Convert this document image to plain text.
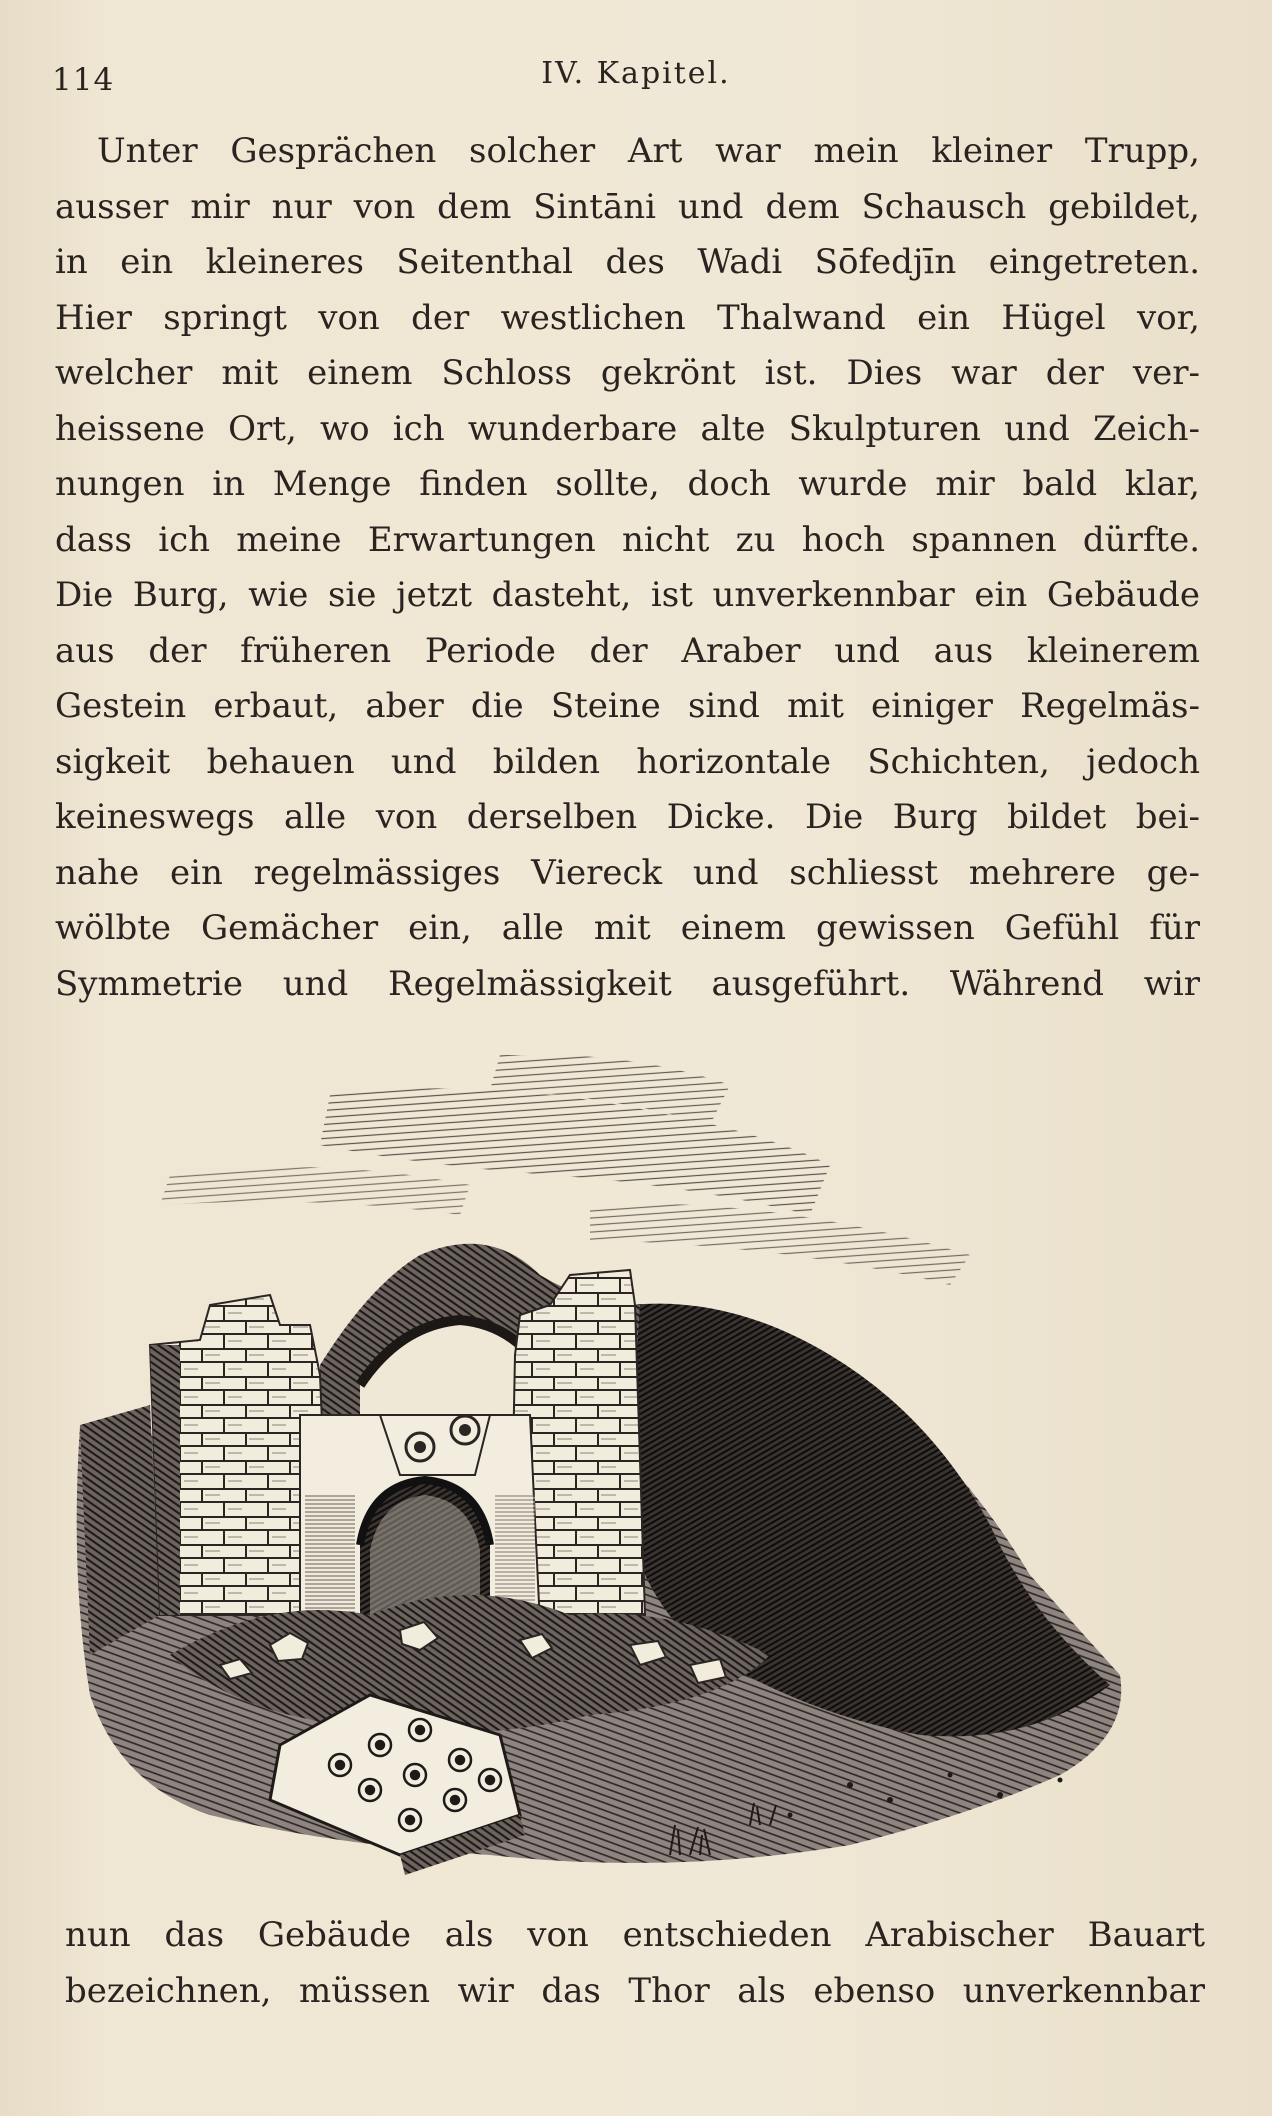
114	IV. Kapitel.
Unter Gesprächen solcher Art war mein kleiner Trupp,
ausser mir nur von dem Sintāni und dem Schausch gebildet,
in ein kleineres Seitenthal des Wadi Sōfedjīn eingetreten.
Hier springt von der westlichen Thalwand ein Hügel vor,
welcher mit einem Schloss gekrönt ist. Dies war der ver-
heissene Ort, wo ich wunderbare alte Skulpturen und Zeich-
nungen in Menge finden sollte, doch wurde mir bald klar,
dass ich meine Erwartungen nicht zu hoch spannen dürfte.
Die Burg, wie sie jetzt dasteht, ist unverkennbar ein Gebäude
aus der früheren Periode der Araber und aus kleinerem
Gestein erbaut, aber die Steine sind mit einiger Regelmäs-
sigkeit behauen und bilden horizontale Schichten, jedoch
keineswegs alle von derselben Dicke. Die Burg bildet bei-
nahe ein regelmässiges Viereck und schliesst mehrere ge-
wölbte Gemächer ein, alle mit einem gewissen Gefühl für
Symmetrie und Regelmässigkeit ausgeführt. Während wir
nun das Gebäude als von entschieden Arabischer Bauart
bezeichnen, müssen wir das Thor als ebenso unverkennbar
